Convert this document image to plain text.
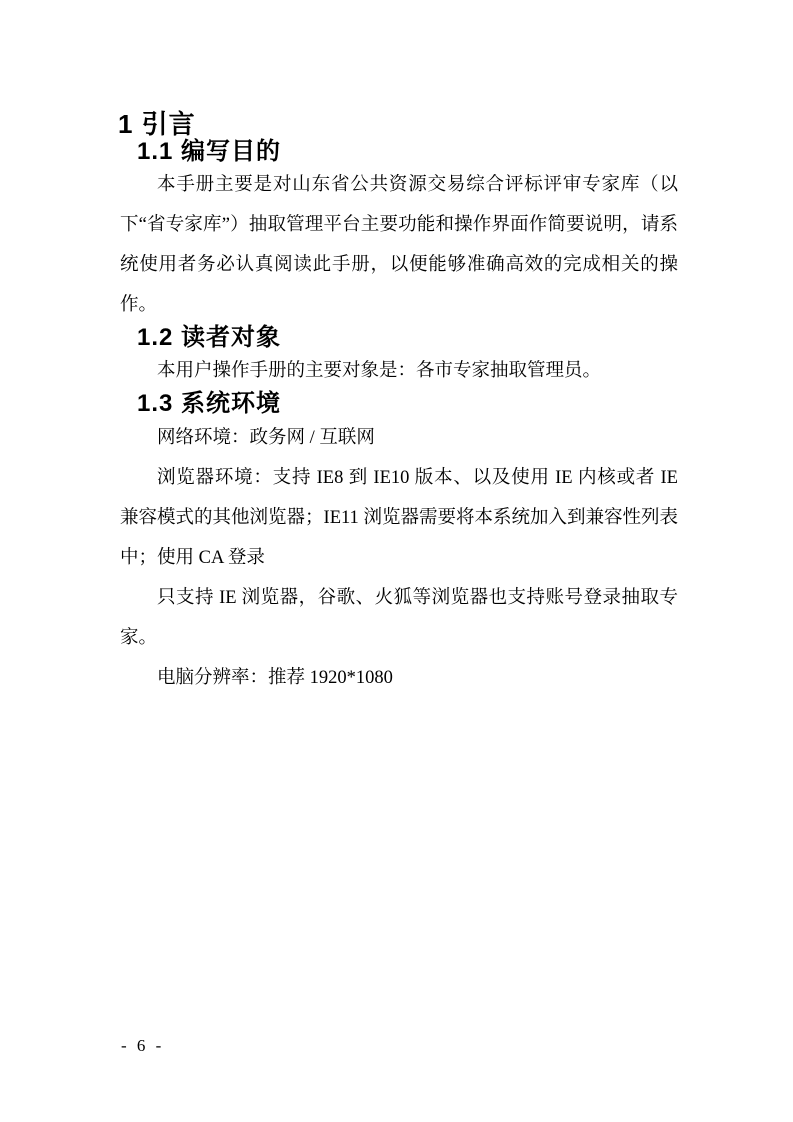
1 引言
1.1 编写目的

本手册主要是对山东省公共资源交易综合评标评审专家库（以下“省专家库”）抽取管理平台主要功能和操作界面作简要说明，请系统使用者务必认真阅读此手册，以便能够准确高效的完成相关的操作。

1.2 读者对象

本用户操作手册的主要对象是：各市专家抽取管理员。

1.3 系统环境

网络环境：政务网 / 互联网

浏览器环境：支持 IE8 到 IE10 版本、以及使用 IE 内核或者 IE 兼容模式的其他浏览器；IE11 浏览器需要将本系统加入到兼容性列表中；使用 CA 登录

只支持 IE 浏览器，谷歌、火狐等浏览器也支持账号登录抽取专家。

电脑分辨率：推荐 1920*1080

- 6 -
